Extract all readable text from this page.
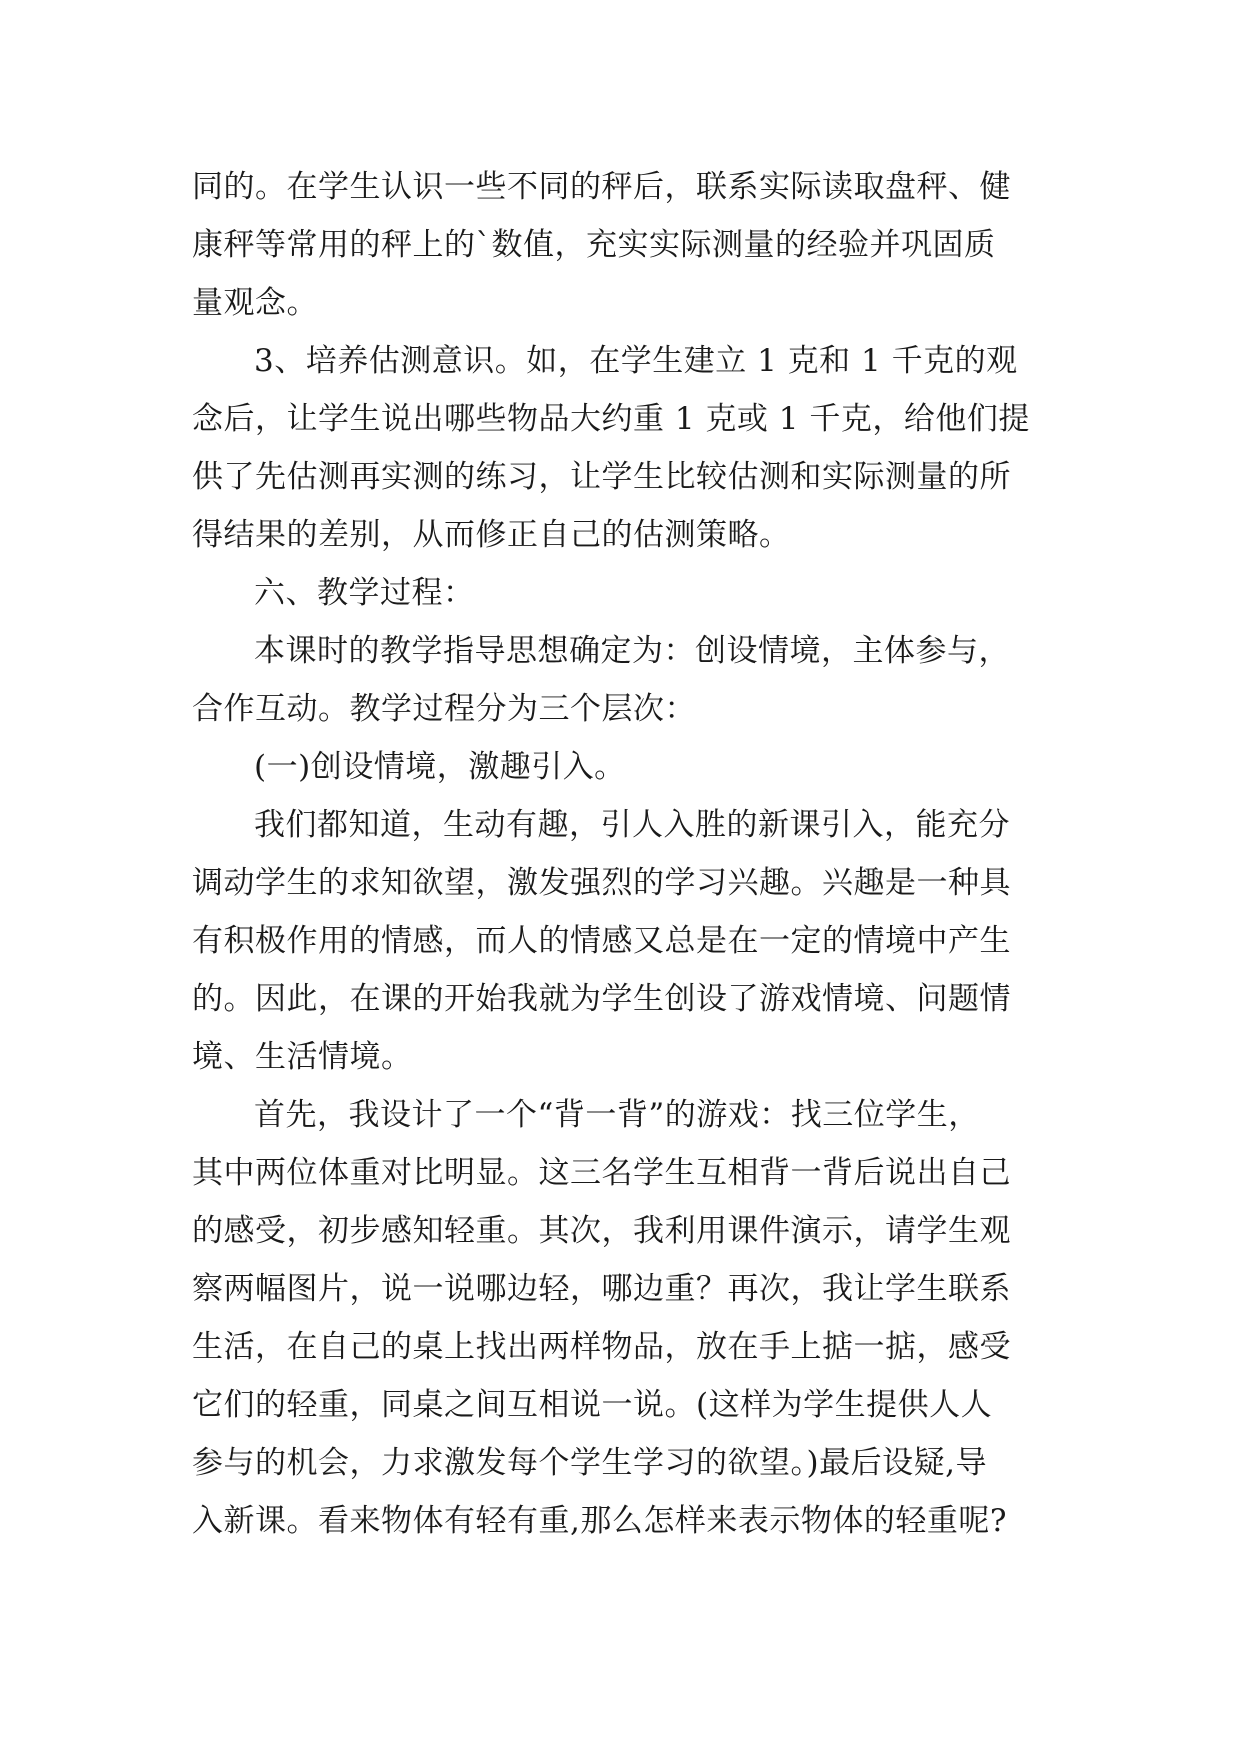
同的。在学生认识一些不同的秤后，联系实际读取盘秤、健
康秤等常用的秤上的`数值，充实实际测量的经验并巩固质
量观念。
3、培养估测意识。如，在学生建立 1 克和 1 千克的观
念后，让学生说出哪些物品大约重 1 克或 1 千克，给他们提
供了先估测再实测的练习，让学生比较估测和实际测量的所
得结果的差别，从而修正自己的估测策略。
六、教学过程：
本课时的教学指导思想确定为：创设情境，主体参与，
合作互动。教学过程分为三个层次：
(一)创设情境，激趣引入。
我们都知道，生动有趣，引人入胜的新课引入，能充分
调动学生的求知欲望，激发强烈的学习兴趣。兴趣是一种具
有积极作用的情感，而人的情感又总是在一定的情境中产生
的。因此，在课的开始我就为学生创设了游戏情境、问题情
境、生活情境。
首先，我设计了一个“背一背”的游戏：找三位学生，
其中两位体重对比明显。这三名学生互相背一背后说出自己
的感受，初步感知轻重。其次，我利用课件演示，请学生观
察两幅图片，说一说哪边轻，哪边重？再次，我让学生联系
生活，在自己的桌上找出两样物品，放在手上掂一掂，感受
它们的轻重，同桌之间互相说一说。(这样为学生提供人人
参与的机会，力求激发每个学生学习的欲望。)最后设疑,导
入新课。看来物体有轻有重,那么怎样来表示物体的轻重呢?
